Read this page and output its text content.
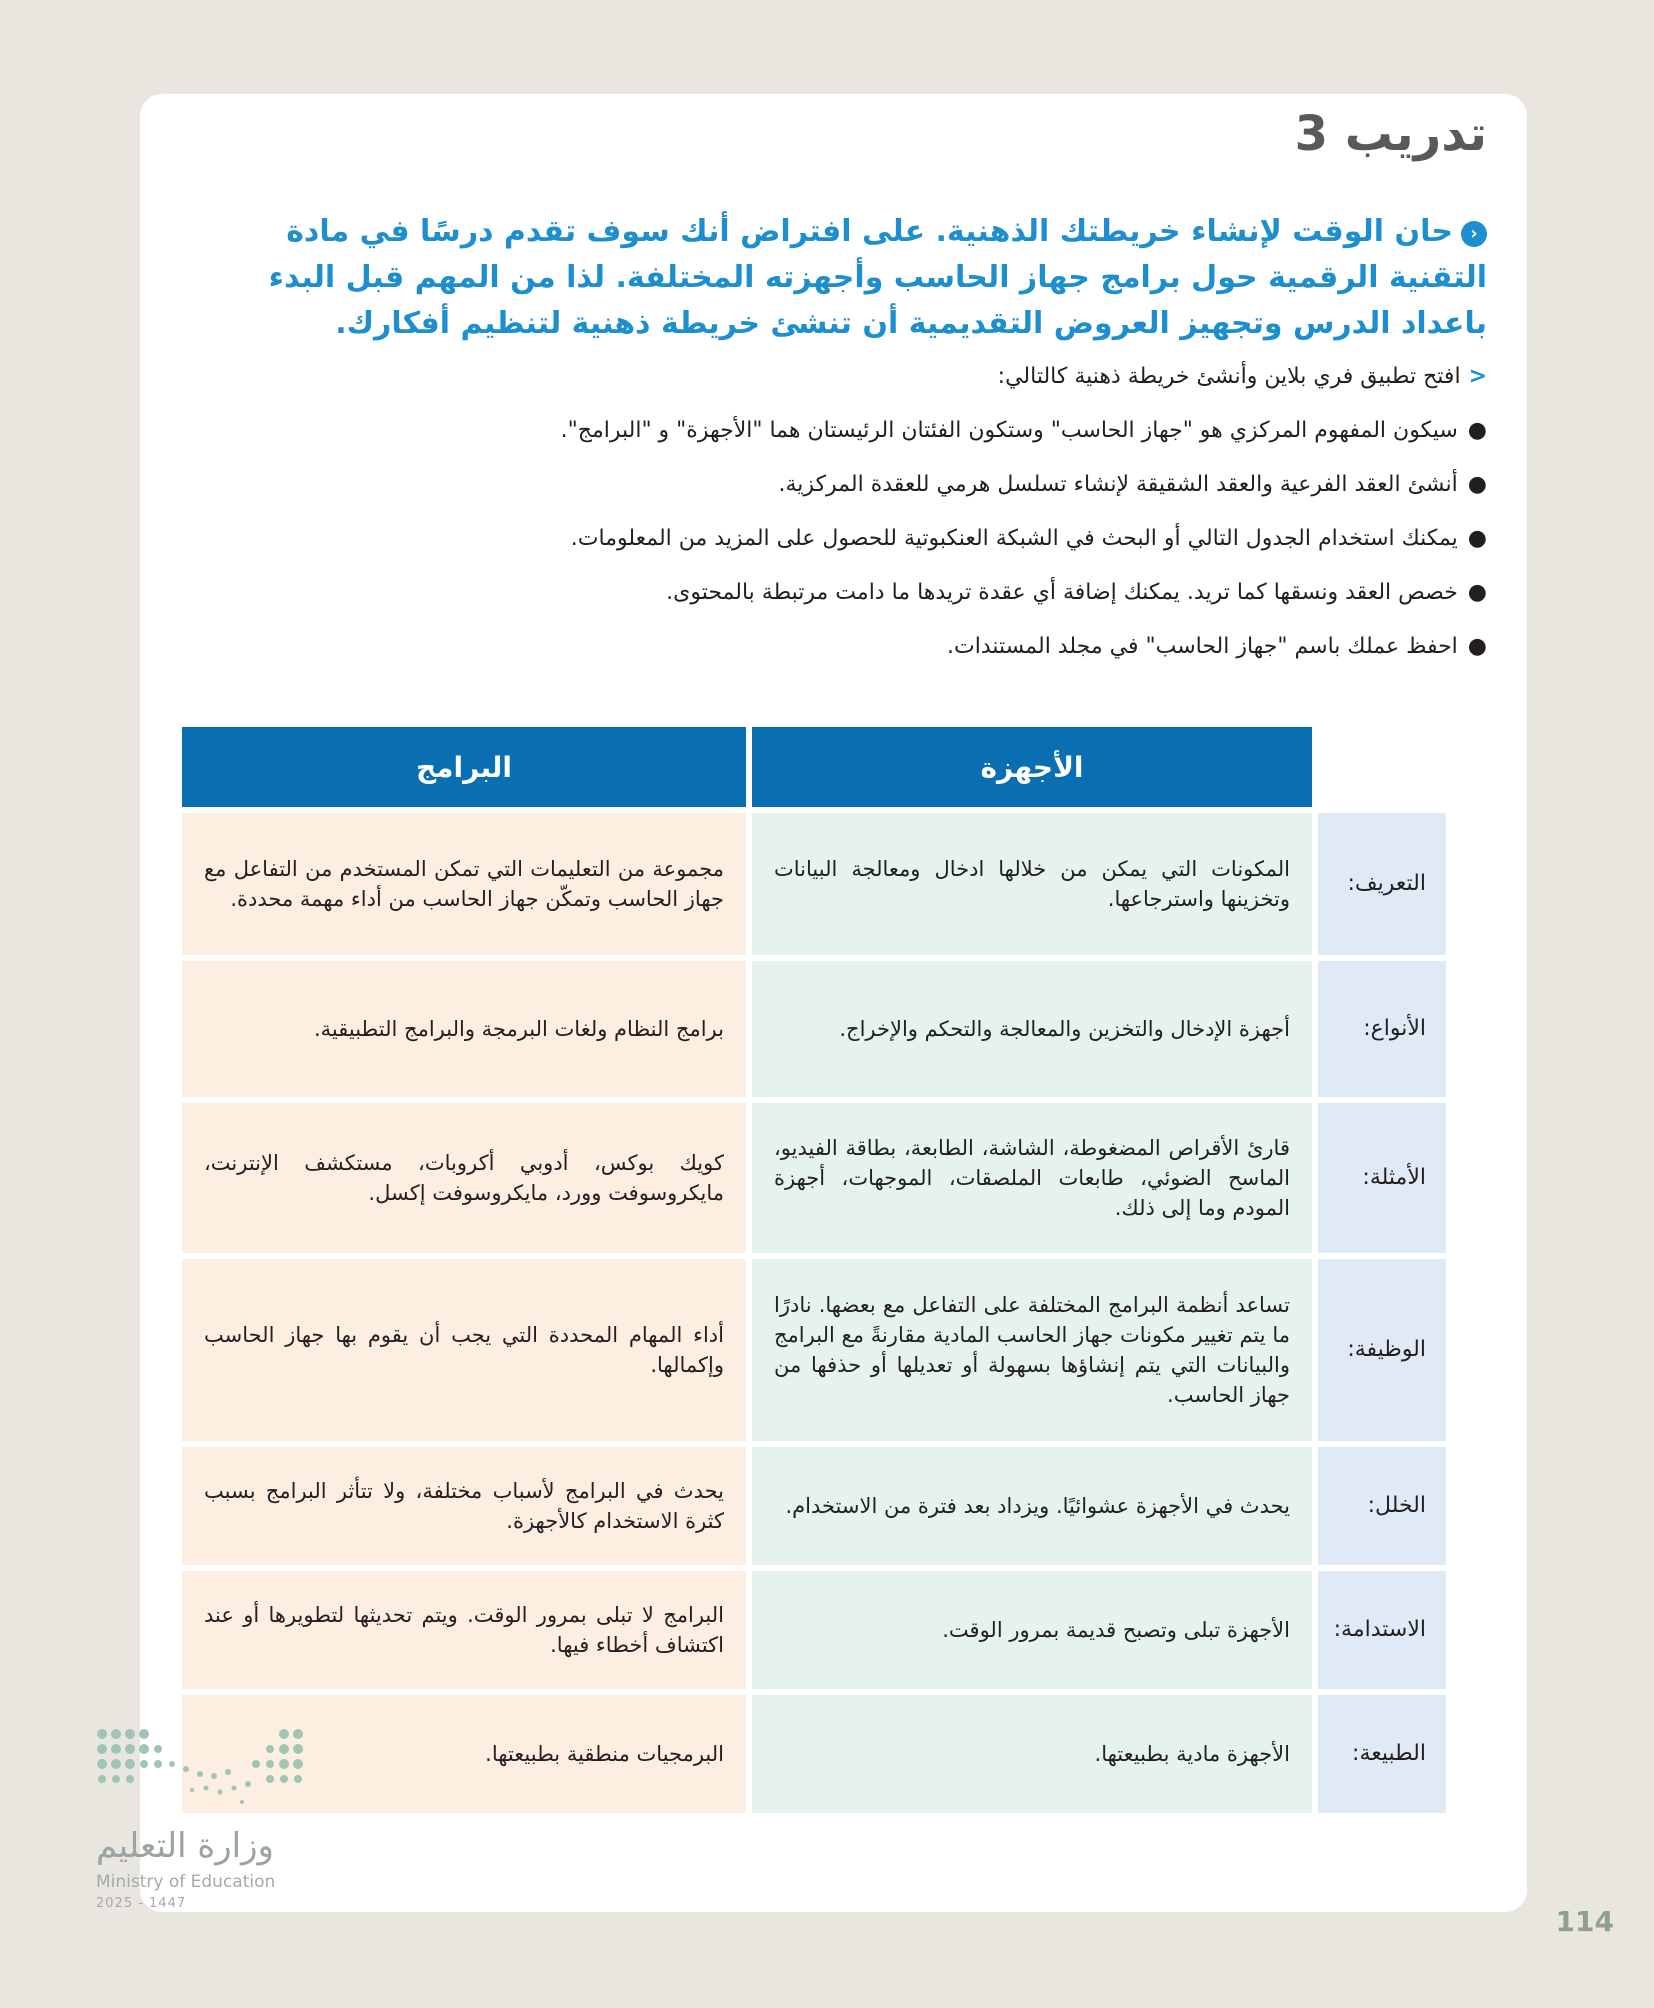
تدريب 3

‹حان الوقت لإنشاء خريطتك الذهنية. على افتراض أنك سوف تقدم درسًا في مادة التقنية الرقمية حول برامج جهاز الحاسب وأجهزته المختلفة. لذا من المهم قبل البدء باعداد الدرس وتجهيز العروض التقديمية أن تنشئ خريطة ذهنية لتنظيم أفكارك.

<افتح تطبيق فري بلاين وأنشئ خريطة ذهنية كالتالي:

●سيكون المفهوم المركزي هو "جهاز الحاسب" وستكون الفئتان الرئيستان هما "الأجهزة" و "البرامج".
●أنشئ العقد الفرعية والعقد الشقيقة لإنشاء تسلسل هرمي للعقدة المركزية.
●يمكنك استخدام الجدول التالي أو البحث في الشبكة العنكبوتية للحصول على المزيد من المعلومات.
●خصص العقد ونسقها كما تريد. يمكنك إضافة أي عقدة تريدها ما دامت مرتبطة بالمحتوى.
●احفظ عملك باسم "جهاز الحاسب" في مجلد المستندات.
	الأجهزة	البرامج
التعريف:	المكونات التي يمكن من خلالها ادخال ومعالجة البيانات وتخزينها واسترجاعها.	مجموعة من التعليمات التي تمكن المستخدم من التفاعل مع جهاز الحاسب وتمكّن جهاز الحاسب من أداء مهمة محددة.
الأنواع:	أجهزة الإدخال والتخزين والمعالجة والتحكم والإخراج.	برامج النظام ولغات البرمجة والبرامج التطبيقية.
الأمثلة:	قارئ الأقراص المضغوطة، الشاشة، الطابعة، بطاقة الفيديو، الماسح الضوئي، طابعات الملصقات، الموجهات، أجهزة المودم وما إلى ذلك.	كويك بوكس، أدوبي أكروبات، مستكشف الإنترنت، مايكروسوفت وورد، مايكروسوفت إكسل.
الوظيفة:	تساعد أنظمة البرامج المختلفة على التفاعل مع بعضها. نادرًا ما يتم تغيير مكونات جهاز الحاسب المادية مقارنةً مع البرامج والبيانات التي يتم إنشاؤها بسهولة أو تعديلها أو حذفها من جهاز الحاسب.	أداء المهام المحددة التي يجب أن يقوم بها جهاز الحاسب وإكمالها.
الخلل:	يحدث في الأجهزة عشوائيًا. ويزداد بعد فترة من الاستخدام.	يحدث في البرامج لأسباب مختلفة، ولا تتأثر البرامج بسبب كثرة الاستخدام كالأجهزة.
الاستدامة:	الأجهزة تبلى وتصبح قديمة بمرور الوقت.	البرامج لا تبلى بمرور الوقت. ويتم تحديثها لتطويرها أو عند اكتشاف أخطاء فيها.
الطبيعة:	الأجهزة مادية بطبيعتها.	البرمجيات منطقية بطبيعتها.
وزارة التعليم
Ministry of Education
2025 - 1447
114
